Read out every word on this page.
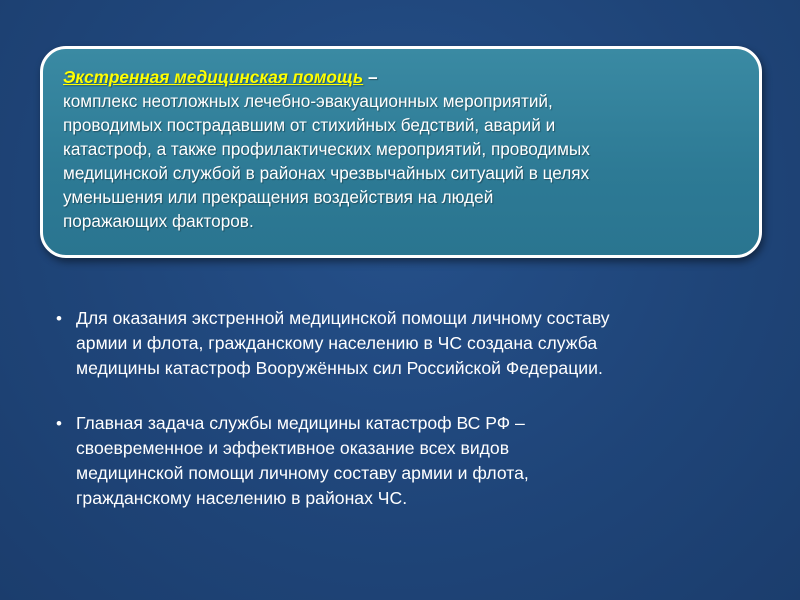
Экстренная медицинская помощь –
комплекс неотложных лечебно-эвакуационных мероприятий,
проводимых пострадавшим от стихийных бедствий, аварий и
катастроф, а также профилактических мероприятий, проводимых
медицинской службой в районах чрезвычайных ситуаций в целях
уменьшения или прекращения воздействия на людей
поражающих факторов.
• Для оказания экстренной медицинской помощи личному составу
армии и флота, гражданскому населению в ЧС создана служба
медицины катастроф Вооружённых сил Российской Федерации.
• Главная задача службы медицины катастроф ВС РФ –
своевременное и эффективное оказание всех видов
медицинской помощи личному составу армии и флота,
гражданскому населению в районах ЧС.
